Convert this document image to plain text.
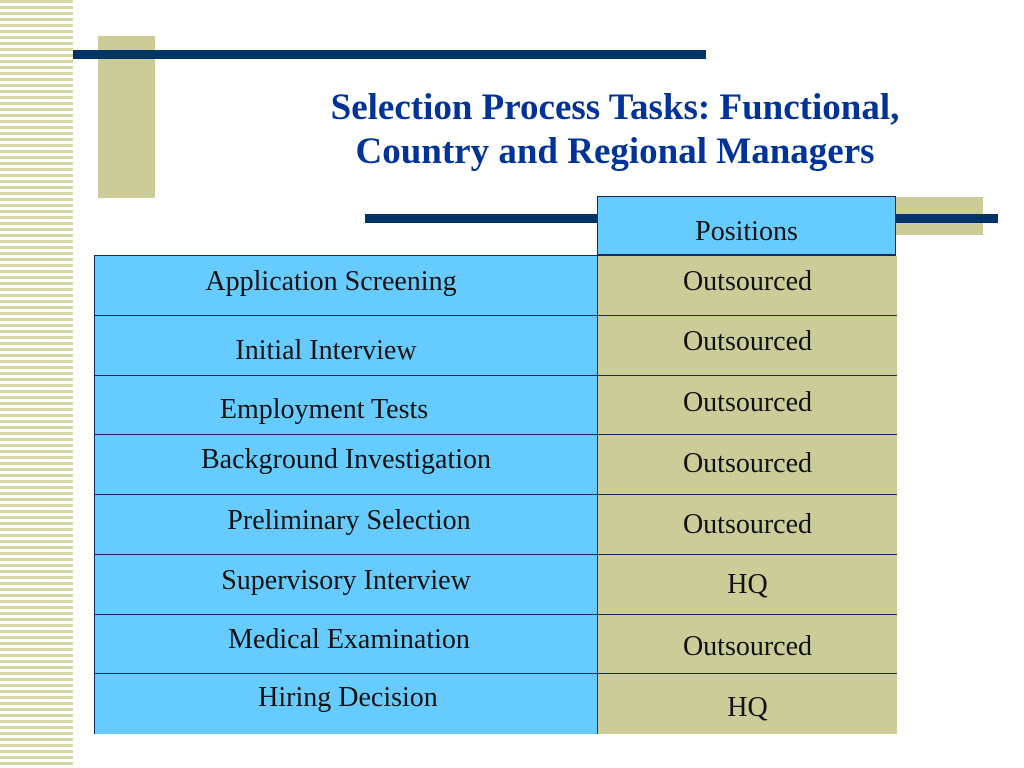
Selection Process Tasks: Functional,
Country and Regional Managers
Positions
Application Screening	Outsourced
Initial Interview	Outsourced
Employment Tests	Outsourced
Background Investigation	Outsourced
Preliminary Selection	Outsourced
Supervisory Interview	HQ
Medical Examination	Outsourced
Hiring Decision	HQ
